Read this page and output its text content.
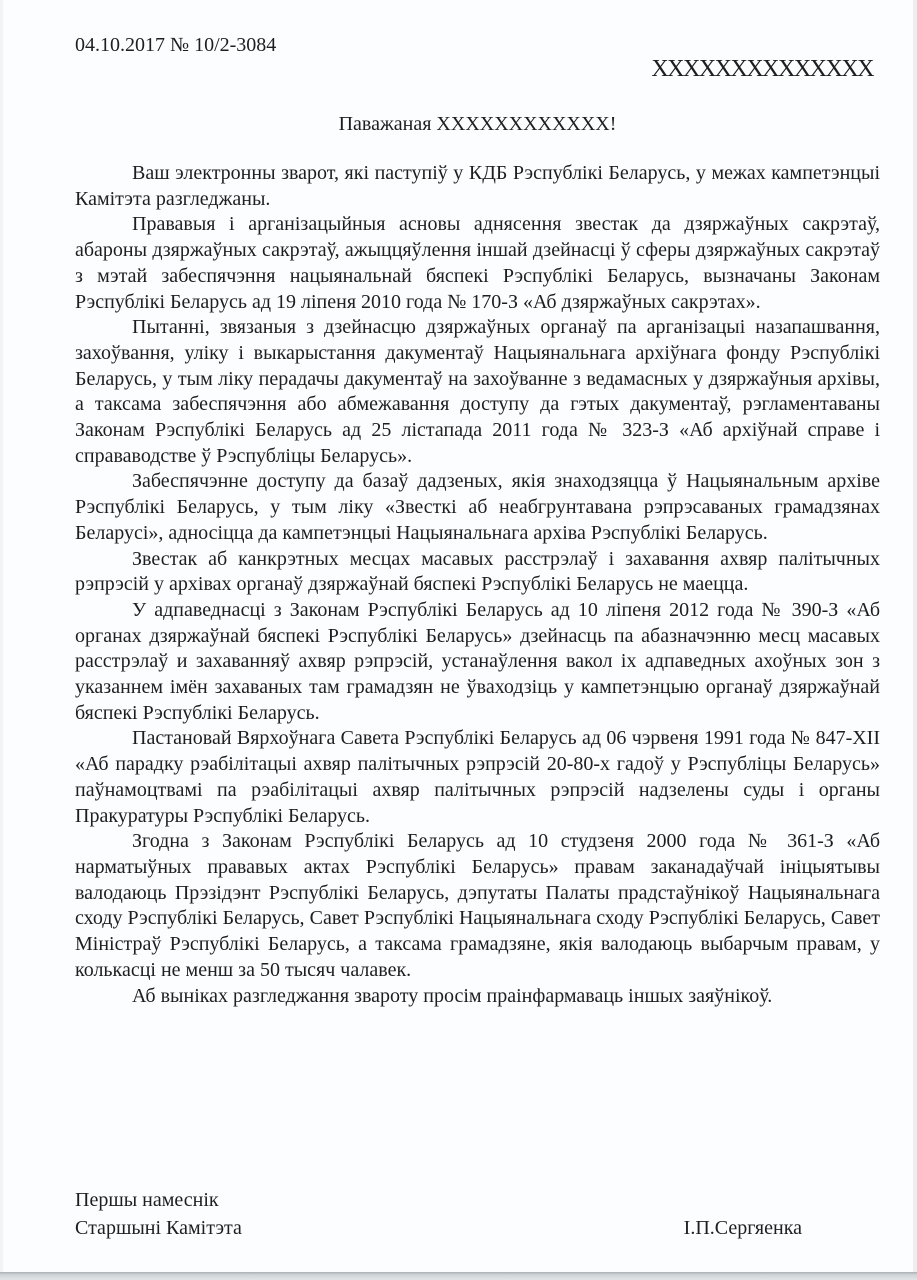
04.10.2017 № 10/2-3084
ХХХХХХХХХХХХХХ
Паважаная ХХХХХХХХХХХХ!

Ваш электронны зварот, які паступіў у КДБ Рэспублікі Беларусь, у межах кампетэнцыі Камітэта разгледжаны.

Прававыя і арганізацыйныя асновы аднясення звестак да дзяржаўных сакрэтаў, абароны дзяржаўных сакрэтаў, ажыццяўлення іншай дзейнасці ў сферы дзяржаўных сакрэтаў з мэтай забеспячэння нацыянальнай бяспекі Рэспублікі Беларусь, вызначаны Законам Рэспублікі Беларусь ад 19 ліпеня 2010 года № 170-З «Аб дзяржаўных сакрэтах».

Пытанні, звязаныя з дзейнасцю дзяржаўных органаў па арганізацыі назапашвання, захоўвання, уліку і выкарыстання дакументаў Нацыянальнага архіўнага фонду Рэспублікі Беларусь, у тым ліку перадачы дакументаў на захоўванне з ведамасных у дзяржаўныя архівы, а таксама забеспячэння або абмежавання доступу да гэтых дакументаў, рэгламентаваны Законам Рэспублікі Беларусь ад 25 лістапада 2011 года № 323-З «Аб архіўнай справе і справаводстве ў Рэспубліцы Беларусь».

Забеспячэнне доступу да базаў дадзеных, якія знаходзяцца ў Нацыянальным архіве Рэспублікі Беларусь, у тым ліку «Звесткі аб неабгрунтавана рэпрэсаваных грамадзянах Беларусі», адносіцца да кампетэнцыі Нацыянальнага архіва Рэспублікі Беларусь.

Звестак аб канкрэтных месцах масавых расстрэлаў і захавання ахвяр палітычных рэпрэсій у архівах органаў дзяржаўнай бяспекі Рэспублікі Беларусь не маецца.

У адпаведнасці з Законам Рэспублікі Беларусь ад 10 ліпеня 2012 года № 390-З «Аб органах дзяржаўнай бяспекі Рэспублікі Беларусь» дзейнасць па абазначэнню месц масавых расстрэлаў и захаванняў ахвяр рэпрэсій, устанаўлення вакол іх адпаведных ахоўных зон з указаннем імён захаваных там грамадзян не ўваходзіць у кампетэнцыю органаў дзяржаўнай бяспекі Рэспублікі Беларусь.

Пастановай Вярхоўнага Савета Рэспублікі Беларусь ад 06 чэрвеня 1991 года № 847-XII «Аб парадку рэабілітацыі ахвяр палітычных рэпрэсій 20-80-х гадоў у Рэспубліцы Беларусь» паўнамоцтвамі па рэабілітацыі ахвяр палітычных рэпрэсій надзелены суды і органы Пракуратуры Рэспублікі Беларусь.

Згодна з Законам Рэспублікі Беларусь ад 10 студзеня 2000 года № 361-З «Аб нарматыўных прававых актах Рэспублікі Беларусь» правам заканадаўчай ініцыятывы валодаюць Прэзідэнт Рэспублікі Беларусь, дэпутаты Палаты прадстаўнікоў Нацыянальнага сходу Рэспублікі Беларусь, Савет Рэспублікі Нацыянальнага сходу Рэспублікі Беларусь, Савет Міністраў Рэспублікі Беларусь, а таксама грамадзяне, якія валодаюць выбарчым правам, у колькасці не менш за 50 тысяч чалавек.

Аб выніках разгледжання звароту просім праінфармаваць іншых заяўнікоў.

Першы намеснік
Старшыні Камітэта	І.П.Сергяенка
